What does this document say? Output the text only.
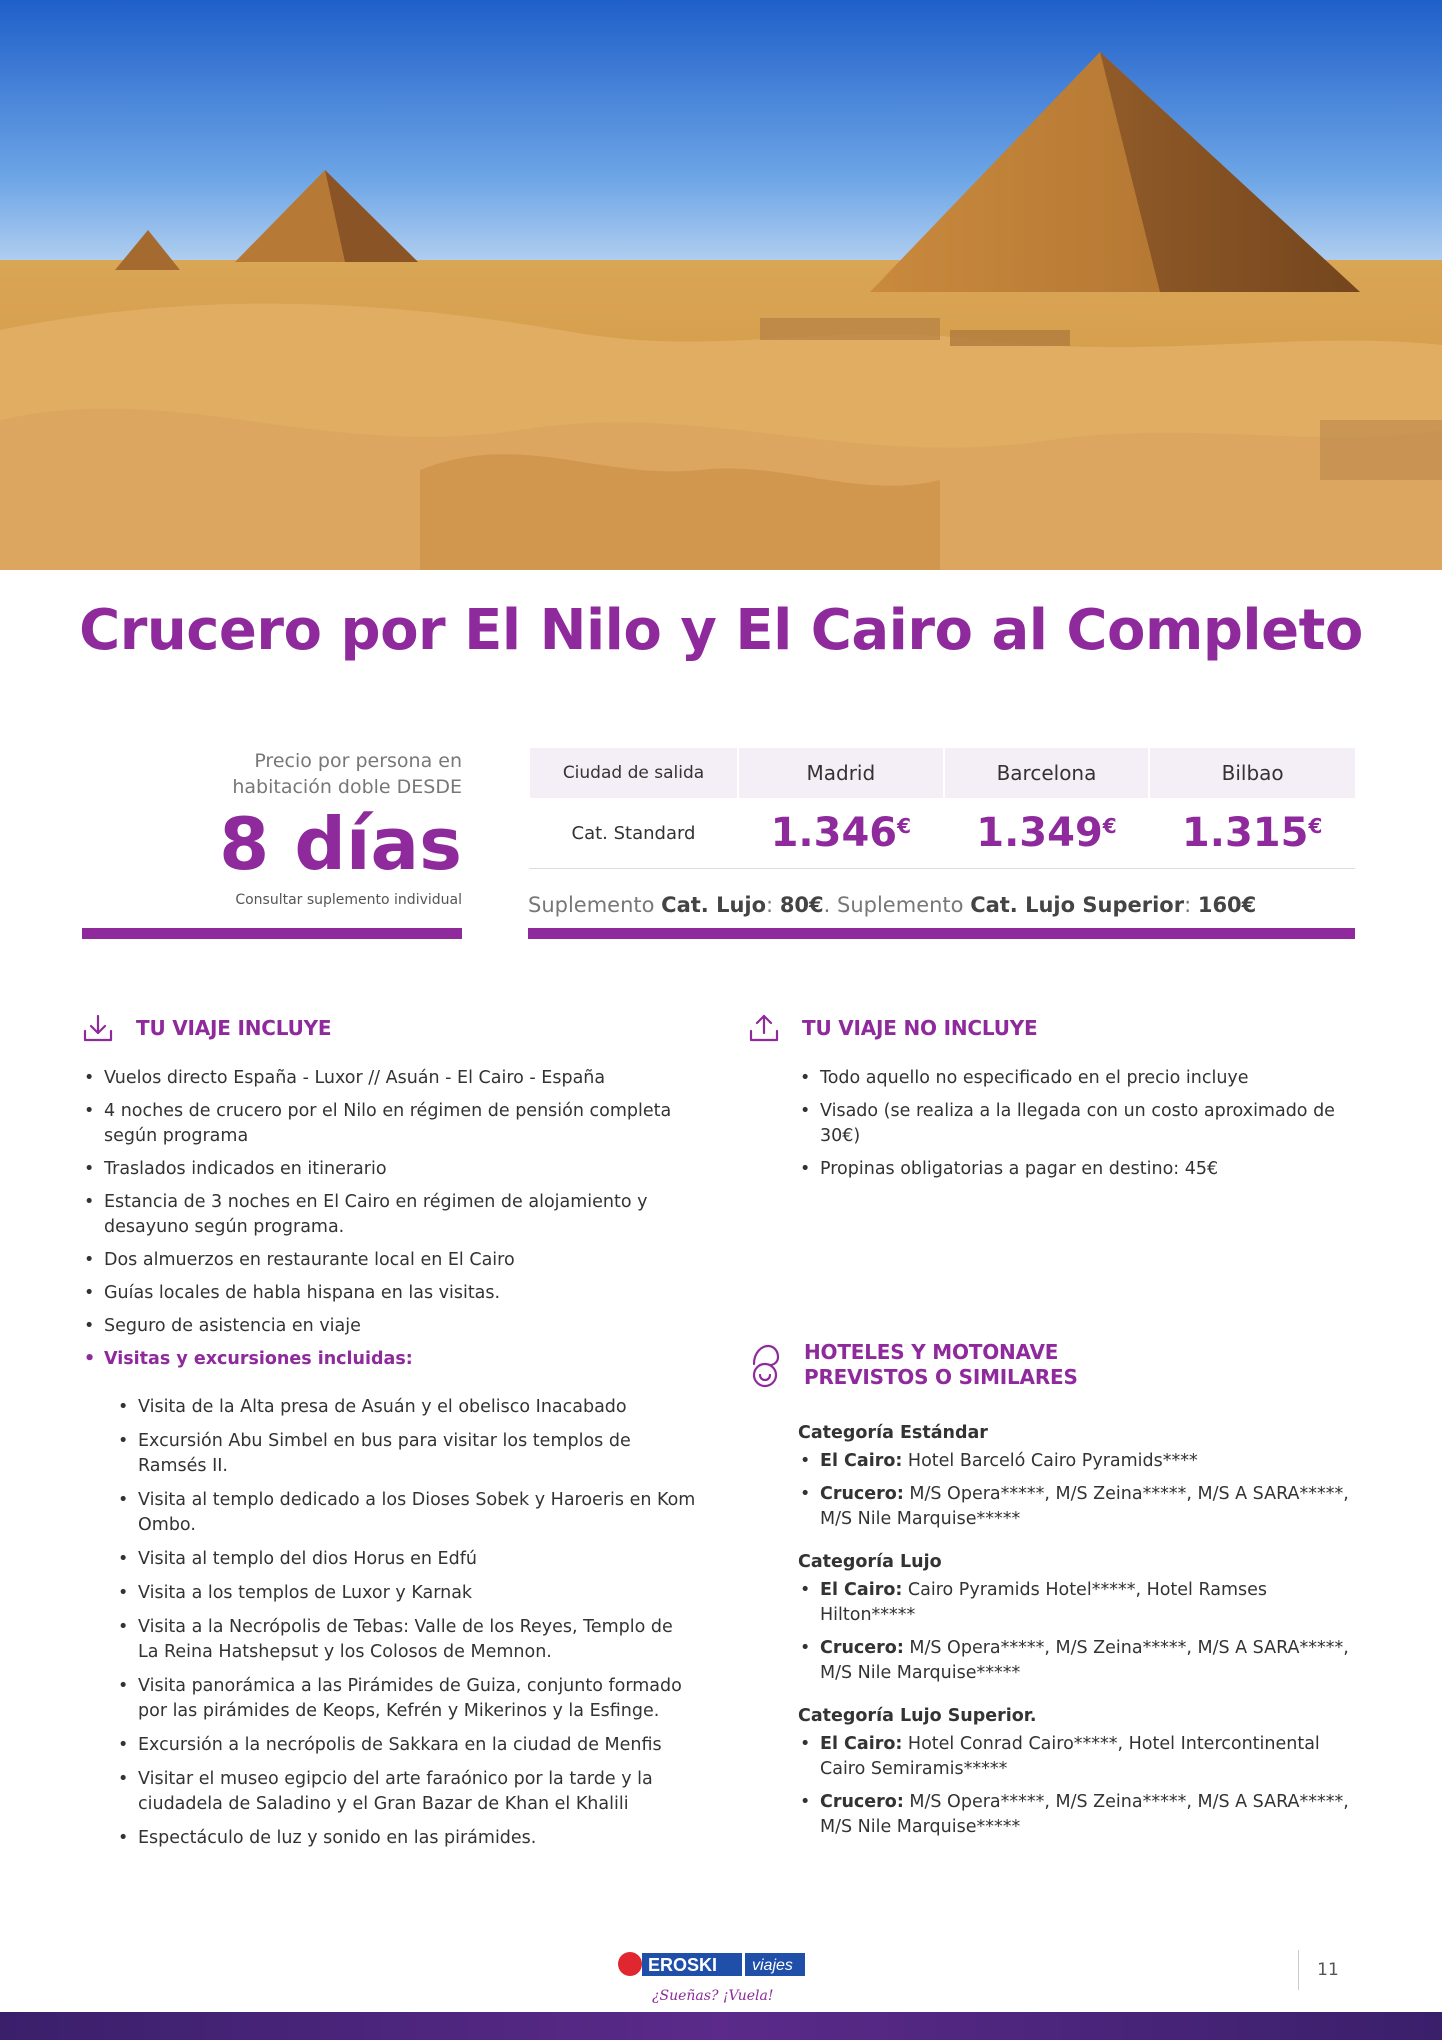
Crucero por El Nilo y El Cairo al Completo
Precio por persona en
habitación doble DESDE
8 días
Consultar suplemento individual
Ciudad de salida	Madrid	Barcelona	Bilbao
Cat. Standard	1.346€	1.349€	1.315€
Suplemento Cat. Lujo: 80€. Suplemento Cat. Lujo Superior: 160€
TU VIAJE INCLUYE
• Vuelos directo España - Luxor // Asuán - El Cairo - España
• 4 noches de crucero por el Nilo en régimen de pensión completa según programa
• Traslados indicados en itinerario
• Estancia de 3 noches en El Cairo en régimen de alojamiento y desayuno según programa.
• Dos almuerzos en restaurante local en El Cairo
• Guías locales de habla hispana en las visitas.
• Seguro de asistencia en viaje
• Visitas y excursiones incluidas:
• Visita de la Alta presa de Asuán y el obelisco Inacabado
• Excursión Abu Simbel en bus para visitar los templos de Ramsés II.
• Visita al templo dedicado a los Dioses Sobek y Haroeris en Kom Ombo.
• Visita al templo del dios Horus en Edfú
• Visita a los templos de Luxor y Karnak
• Visita a la Necrópolis de Tebas: Valle de los Reyes, Templo de La Reina Hatshepsut y los Colosos de Memnon.
• Visita panorámica a las Pirámides de Guiza, conjunto formado por las pirámides de Keops, Kefrén y Mikerinos y la Esfinge.
• Excursión a la necrópolis de Sakkara en la ciudad de Menfis
• Visitar el museo egipcio del arte faraónico por la tarde y la ciudadela de Saladino y el Gran Bazar de Khan el Khalili
• Espectáculo de luz y sonido en las pirámides.
TU VIAJE NO INCLUYE
• Todo aquello no especificado en el precio incluye
• Visado (se realiza a la llegada con un costo aproximado de 30€)
• Propinas obligatorias a pagar en destino: 45€
HOTELES Y MOTONAVE
PREVISTOS O SIMILARES
Categoría Estándar
• El Cairo: Hotel Barceló Cairo Pyramids****
• Crucero: M/S Opera*****, M/S Zeina*****, M/S A SARA*****, M/S Nile Marquise*****
Categoría Lujo
• El Cairo: Cairo Pyramids Hotel*****, Hotel Ramses Hilton*****
• Crucero: M/S Opera*****, M/S Zeina*****, M/S A SARA*****, M/S Nile Marquise*****
Categoría Lujo Superior.
• El Cairo: Hotel Conrad Cairo*****, Hotel Intercontinental Cairo Semiramis*****
• Crucero: M/S Opera*****, M/S Zeina*****, M/S A SARA*****, M/S Nile Marquise*****
EROSKI viajes
¿Sueñas? ¡Vuela!
11
